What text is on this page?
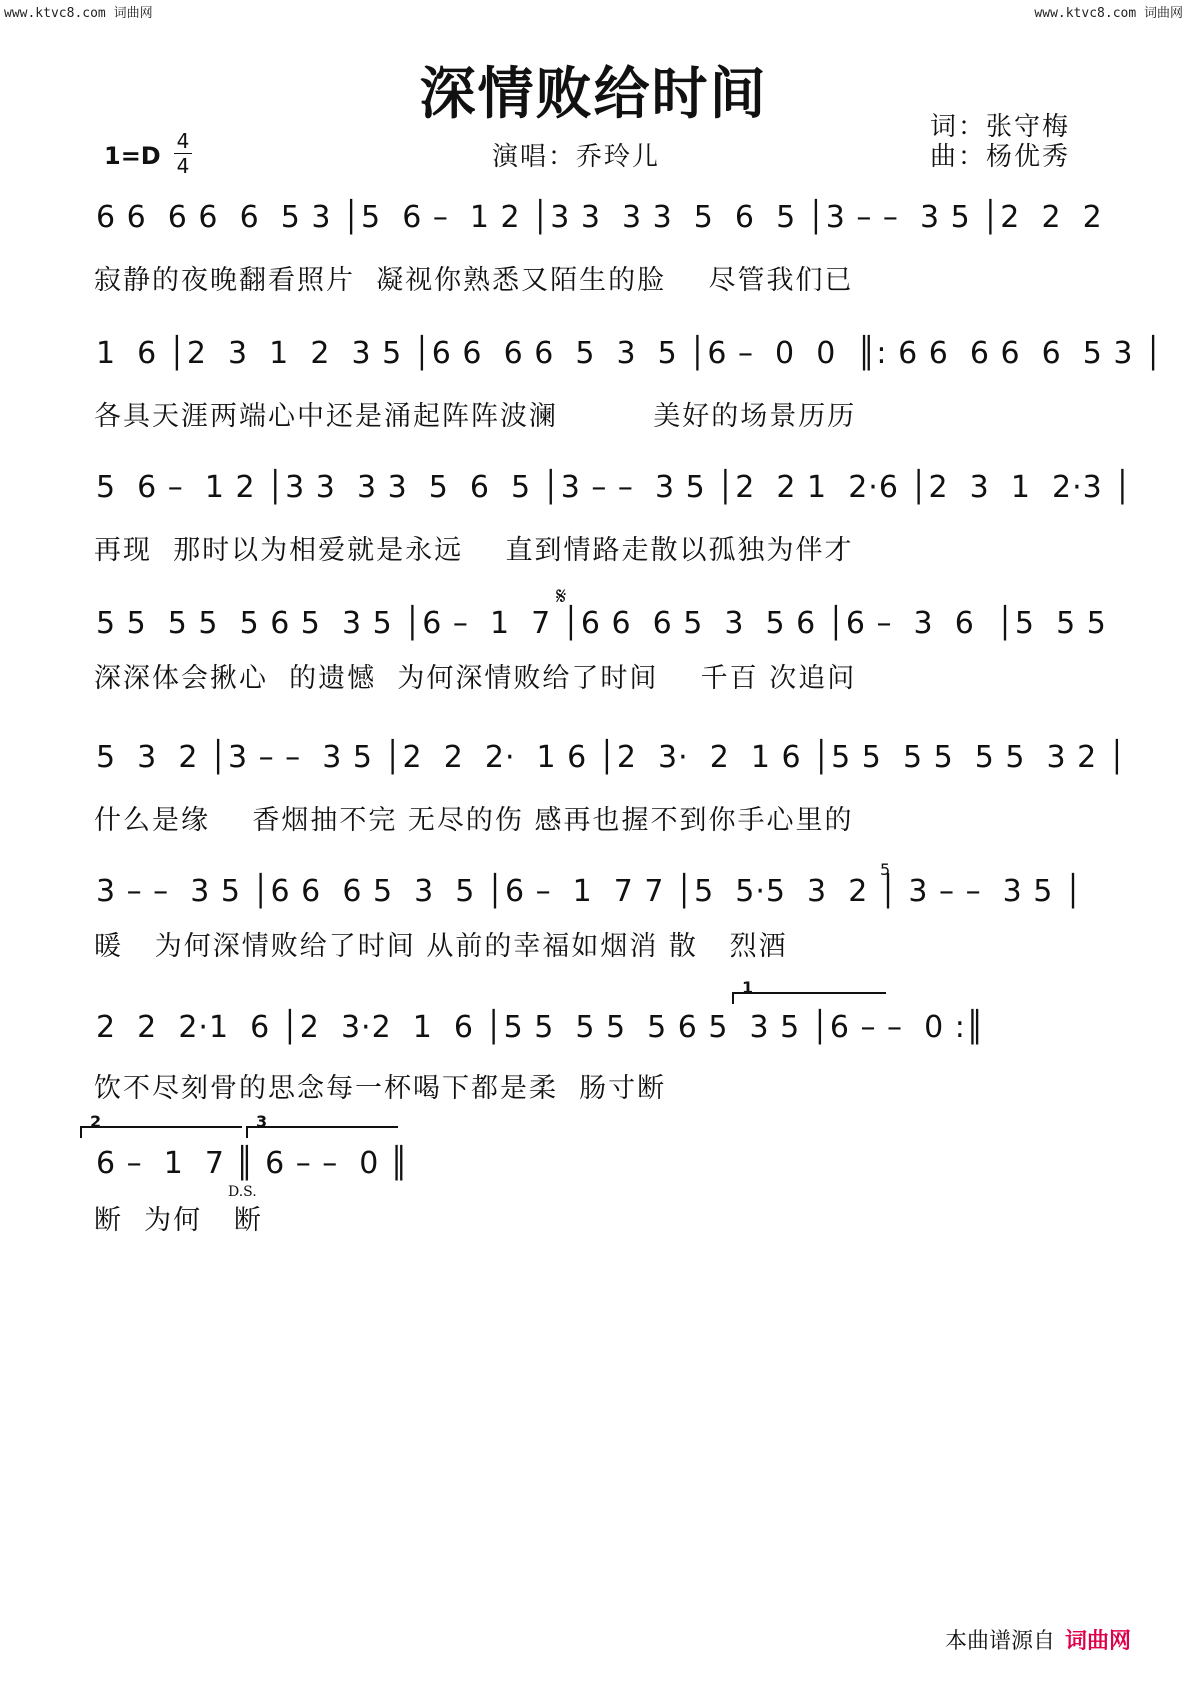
www.ktvc8.com 词曲网	www.ktvc8.com 词曲网
深情败给时间
1=D
4
4	演唱：乔玲儿
词：张守梅
曲：杨优秀
6 6  6 6  6  5 3 │5  6 –  1 2 │3 3  3 3  5  6  5 │3 – –  3 5 │2  2  2
寂静的夜晚翻看照片  凝视你熟悉又陌生的脸    尽管我们已
1  6 │2  3  1  2  3 5 │6 6  6 6  5  3  5 │6 –  0  0  ║: 6 6  6 6  6  5 3 │
各具天涯两端心中还是涌起阵阵波澜         美好的场景历历
5  6 –  1 2 │3 3  3 3  5  6  5 │3 – –  3 5 │2  2 1  2·6 │2  3  1  2·3 │
再现  那时以为相爱就是永远    直到情路走散以孤独为伴才
𝄋
5 5  5 5  5 6 5  3 5 │6 –  1  7 │6 6  6 5  3  5 6 │6 –  3  6  │5  5 5
深深体会揪心  的遗憾  为何深情败给了时间    千百 次追问
5  3  2 │3 – –  3 5 │2  2  2·  1 6 │2  3·  2  1 6 │5 5  5 5  5 5  3 2 │
什么是缘    香烟抽不完 无尽的伤 感再也握不到你手心里的
5
3 – –  3 5 │6 6  6 5  3  5 │6 –  1  7 7 │5  5·5  3  2 │ 3 – –  3 5 │
暖   为何深情败给了时间 从前的幸福如烟消 散   烈酒
1
2  2  2·1  6 │2  3·2  1  6 │5 5  5 5  5 6 5  3 5 │6 – –  0 :║
饮不尽刻骨的思念每一杯喝下都是柔  肠寸断
2	3
6 –  1  7 ║ 6 – –  0 ║
D.S.
断  为何   断
本曲谱源自 词曲网
